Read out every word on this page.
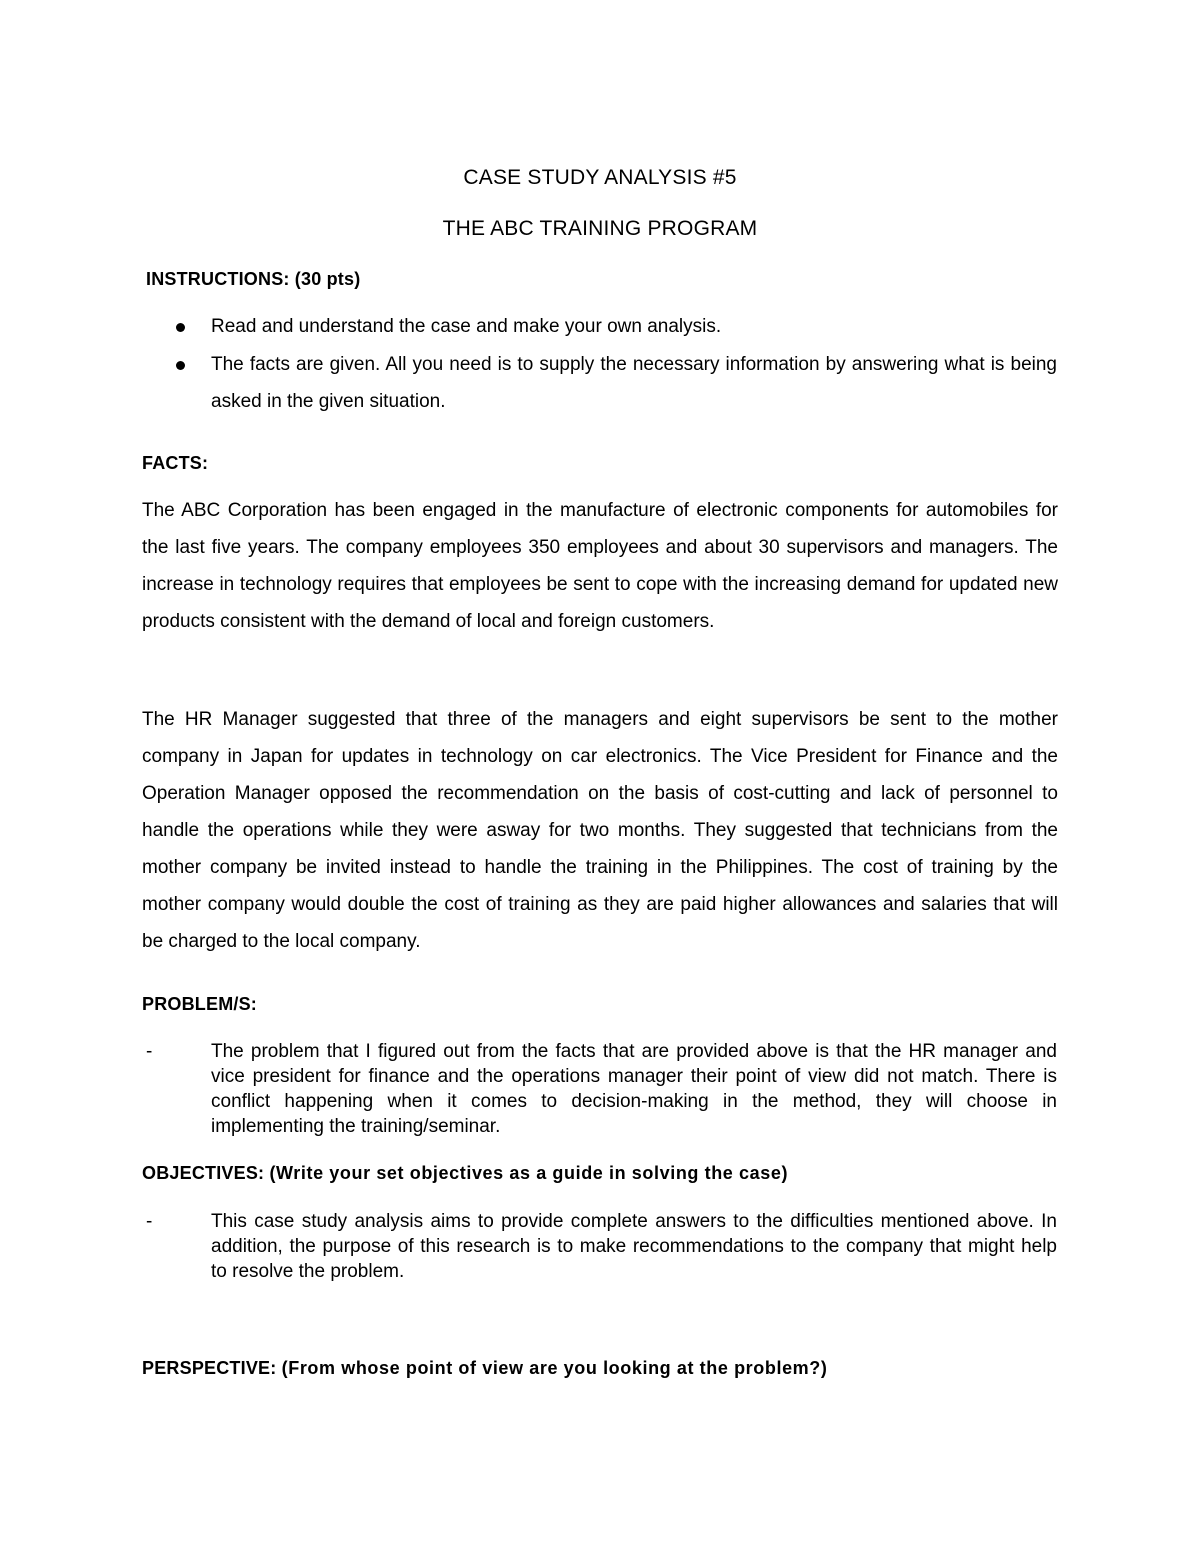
CASE STUDY ANALYSIS #5
THE ABC TRAINING PROGRAM
INSTRUCTIONS: (30 pts)
Read and understand the case and make your own analysis.
The facts are given. All you need is to supply the necessary information by answering what is being asked in the given situation.
FACTS:

The ABC Corporation has been engaged in the manufacture of electronic components for automobiles for the last five years. The company employees 350 employees and about 30 supervisors and managers. The increase in technology requires that employees be sent to cope with the increasing demand for updated new products consistent with the demand of local and foreign customers.

The HR Manager suggested that three of the managers and eight supervisors be sent to the mother company in Japan for updates in technology on car electronics. The Vice President for Finance and the Operation Manager opposed the recommendation on the basis of cost-cutting and lack of personnel to handle the operations while they were asway for two months. They suggested that technicians from the mother company be invited instead to handle the training in the Philippines. The cost of training by the mother company would double the cost of training as they are paid higher allowances and salaries that will be charged to the local company.

PROBLEM/S:
-	The problem that I figured out from the facts that are provided above is that the HR manager and vice president for finance and the operations manager their point of view did not match. There is conflict happening when it comes to decision-making in the method, they will choose in implementing the training/seminar.
OBJECTIVES: (Write your set objectives as a guide in solving the case)
-	This case study analysis aims to provide complete answers to the difficulties mentioned above. In addition, the purpose of this research is to make recommendations to the company that might help to resolve the problem.
PERSPECTIVE: (From whose point of view are you looking at the problem?)
